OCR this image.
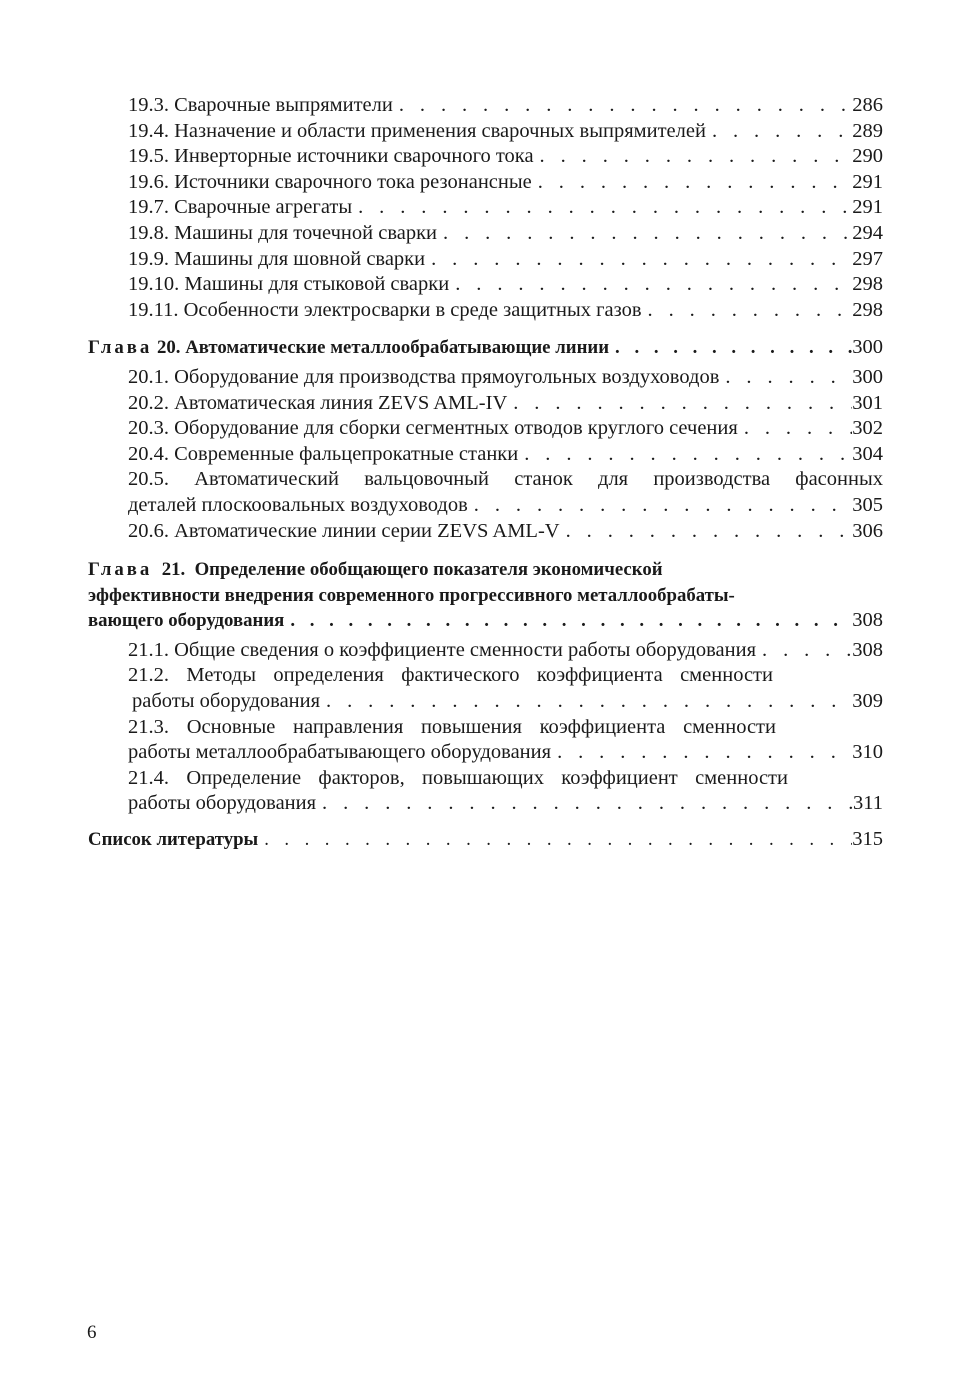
19.3. Сварочные выпрямители . . .	286
19.4. Назначение и области применения сварочных выпрямителей . . .	289
19.5. Инверторные источники сварочного тока . . .	290
19.6. Источники сварочного тока резонансные . . .	291
19.7. Сварочные агрегаты . . .	291
19.8. Машины для точечной сварки . . .	294
19.9. Машины для шовной сварки . . .	297
19.10. Машины для стыковой сварки . . .	298
19.11. Особенности электросварки в среде защитных газов . . .	298
Глава 20. Автоматические металлообрабатывающие линии . . .	300
20.1. Оборудование для производства прямоугольных воздуховодов . . .	300
20.2. Автоматическая линия ZEVS AML-IV . . .	301
20.3. Оборудование для сборки сегментных отводов круглого сечения . . .	302
20.4. Современные фальцепрокатные станки . . .	304
20.5. Автоматический вальцовочный станок для производства фасонных
деталей плоскоовальных воздуховодов . . .	305
20.6. Автоматические линии серии ZEVS AML-V . . .	306
Глава 21. Определение обобщающего показателя экономической
эффективности внедрения современного прогрессивного металлообрабаты-
вающего оборудования . . .	308
21.1. Общие сведения о коэффициенте сменности работы оборудования . . .	308
21.2. Методы определения фактического коэффициента сменности
работы оборудования . . .	309
21.3. Основные направления повышения коэффициента сменности
работы металлообрабатывающего оборудования . . .	310
21.4. Определение факторов, повышающих коэффициент сменности
работы оборудования . . .	311
Список литературы . . .	315
6
